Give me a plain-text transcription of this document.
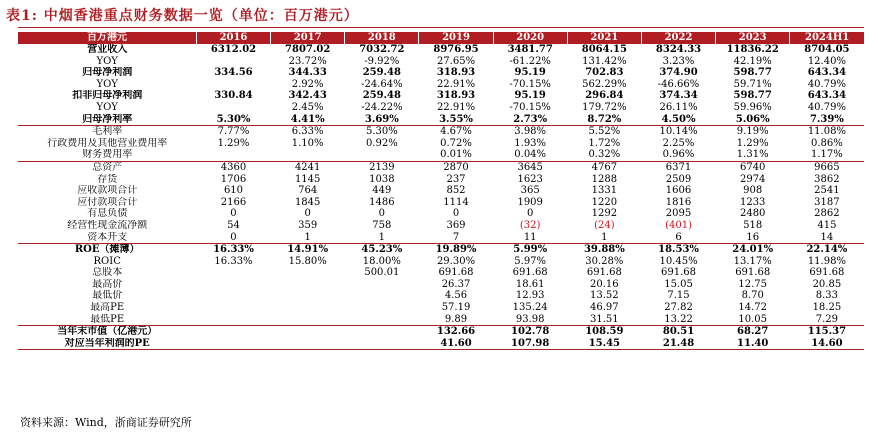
表1: 中烟香港重点财务数据一览（单位：百万港元）
百万港元	2016	2017	2018	2019	2020	2021	2022	2023	2024H1
营业收入	6312.02	7807.02	7032.72	8976.95	3481.77	8064.15	8324.33	11836.22	8704.05
YOY		23.72%	-9.92%	27.65%	-61.22%	131.42%	3.23%	42.19%	12.40%
归母净利润	334.56	344.33	259.48	318.93	95.19	702.83	374.90	598.77	643.34
YOY		2.92%	-24.64%	22.91%	-70.15%	562.29%	-46.66%	59.71%	40.79%
扣非归母净利润	330.84	342.43	259.48	318.93	95.19	296.84	374.34	598.77	643.34
YOY		2.45%	-24.22%	22.91%	-70.15%	179.72%	26.11%	59.96%	40.79%
归母净利率	5.30%	4.41%	3.69%	3.55%	2.73%	8.72%	4.50%	5.06%	7.39%
毛利率	7.77%	6.33%	5.30%	4.67%	3.98%	5.52%	10.14%	9.19%	11.08%
行政费用及其他营业费用率	1.29%	1.10%	0.92%	0.72%	1.93%	1.72%	2.25%	1.29%	0.86%
财务费用率				0.01%	0.04%	0.32%	0.96%	1.31%	1.17%
总资产	4360	4241	2139	2870	3645	4767	6371	6740	9665
存货	1706	1145	1038	237	1623	1288	2509	2974	3862
应收款项合计	610	764	449	852	365	1331	1606	908	2541
应付款项合计	2166	1845	1486	1114	1909	1220	1816	1233	3187
有息负债	0	0	0	0	0	1292	2095	2480	2862
经营性现金流净额	54	359	758	369	(32)	(24)	(401)	518	415
资本开支	0	1	1	7	11	1	6	16	14
ROE（摊薄）	16.33%	14.91%	45.23%	19.89%	5.99%	39.88%	18.53%	24.01%	22.14%
ROIC	16.33%	15.80%	18.00%	29.30%	5.97%	30.28%	10.45%	13.17%	11.98%
总股本			500.01	691.68	691.68	691.68	691.68	691.68	691.68
最高价				26.37	18.61	20.16	15.05	12.75	20.85
最低价				4.56	12.93	13.52	7.15	8.70	8.33
最高PE				57.19	135.24	46.97	27.82	14.72	18.25
最低PE				9.89	93.98	31.51	13.22	10.05	7.29
当年末市值（亿港元）				132.66	102.78	108.59	80.51	68.27	115.37
对应当年利润的PE				41.60	107.98	15.45	21.48	11.40	14.60
资料来源：Wind，浙商证券研究所
